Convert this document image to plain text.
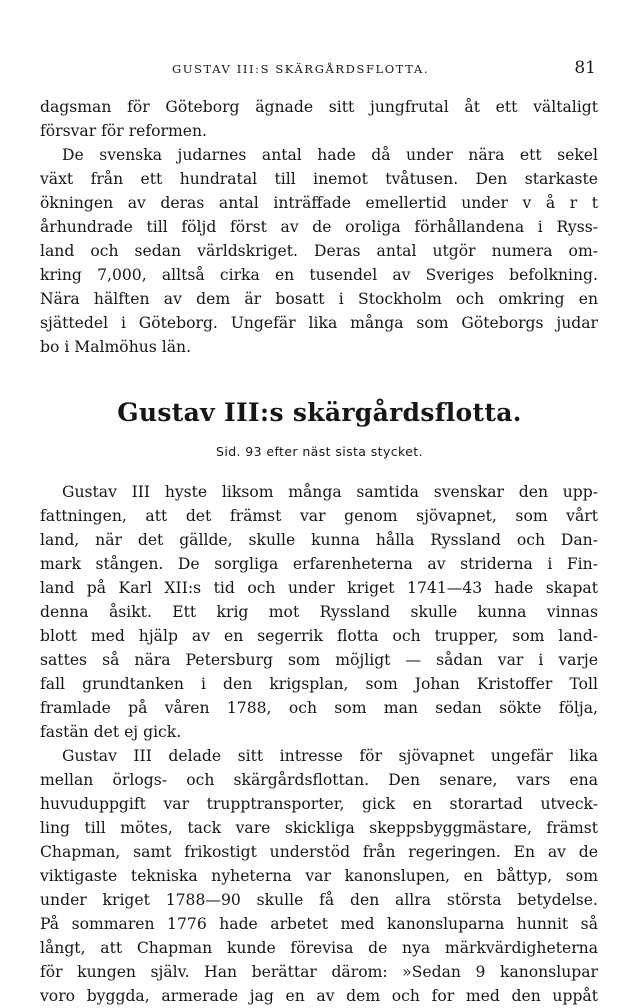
GUSTAV III:S SKÄRGÅRDSFLOTTA.	81
dagsman för Göteborg ägnade sitt jungfrutal åt ett vältaligt
försvar för reformen.
De svenska judarnes antal hade då under nära ett sekel
växt från ett hundratal till inemot tvåtusen. Den starkaste
ökningen av deras antal inträffade emellertid under v å r t
århundrade till följd först av de oroliga förhållandena i Ryss-
land och sedan världskriget. Deras antal utgör numera om-
kring 7,000, alltså cirka en tusendel av Sveriges befolkning.
Nära hälften av dem är bosatt i Stockholm och omkring en
sjättedel i Göteborg. Ungefär lika många som Göteborgs judar
bo i Malmöhus län.
Gustav III:s skärgårdsflotta.
Sid. 93 efter näst sista stycket.
Gustav III hyste liksom många samtida svenskar den upp-
fattningen, att det främst var genom sjövapnet, som vårt
land, när det gällde, skulle kunna hålla Ryssland och Dan-
mark stången. De sorgliga erfarenheterna av striderna i Fin-
land på Karl XII:s tid och under kriget 1741—43 hade skapat
denna åsikt. Ett krig mot Ryssland skulle kunna vinnas
blott med hjälp av en segerrik flotta och trupper, som land-
sattes så nära Petersburg som möjligt — sådan var i varje
fall grundtanken i den krigsplan, som Johan Kristoffer Toll
framlade på våren 1788, och som man sedan sökte följa,
fastän det ej gick.
Gustav III delade sitt intresse för sjövapnet ungefär lika
mellan örlogs- och skärgårdsflottan. Den senare, vars ena
huvuduppgift var trupptransporter, gick en storartad utveck-
ling till mötes, tack vare skickliga skeppsbyggmästare, främst
Chapman, samt frikostigt understöd från regeringen. En av de
viktigaste tekniska nyheterna var kanonslupen, en båttyp, som
under kriget 1788—90 skulle få den allra största betydelse.
På sommaren 1776 hade arbetet med kanonsluparna hunnit så
långt, att Chapman kunde förevisa de nya märkvärdigheterna
för kungen själv. Han berättar därom: »Sedan 9 kanonslupar
voro byggda, armerade jag en av dem och for med den uppåt
